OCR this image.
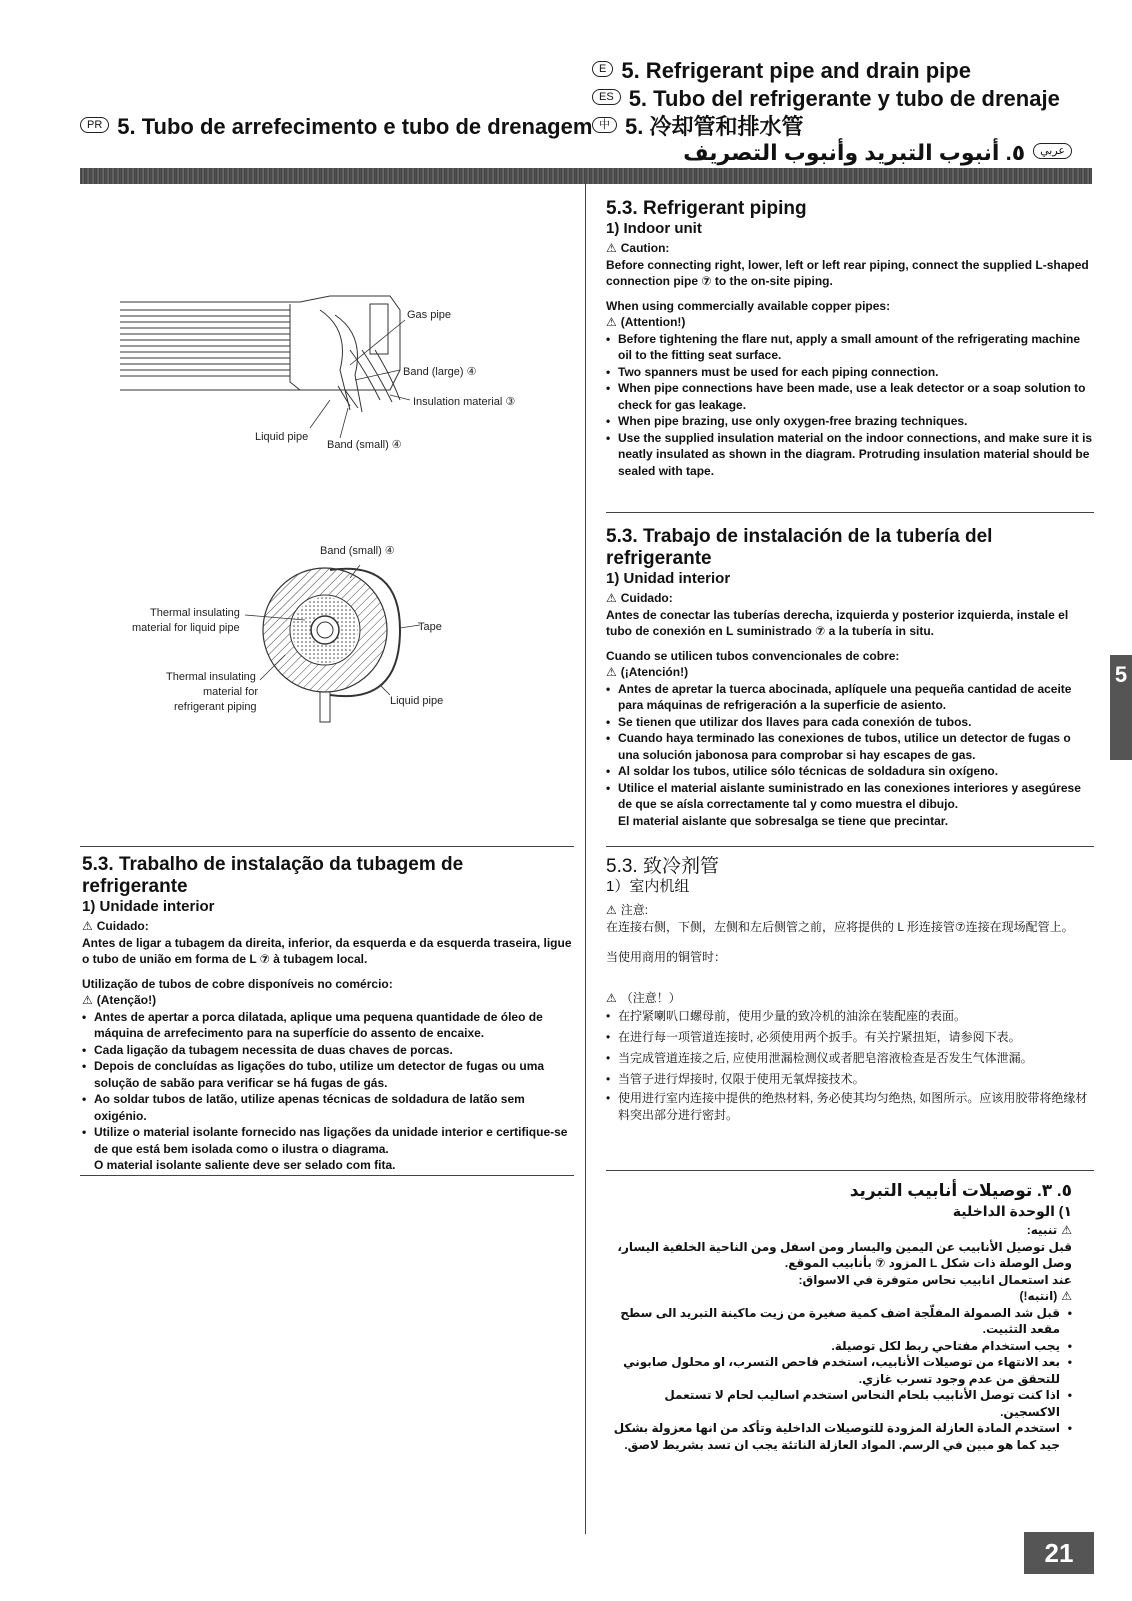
E 5. Refrigerant pipe and drain pipe
ES 5. Tubo del refrigerante y tubo de drenaje
中 5. 冷却管和排水管
عربي٥. أنبوب التبريد وأنبوب التصريف
PR 5. Tubo de arrefecimento e tubo de drenagem
Gas pipe
Band (large) ④
Insulation material ③
Liquid pipe
Band (small) ④
Band (small) ④
Thermal insulating
material for liquid pipe	Tape
Thermal insulating
material for
refrigerant piping	Liquid pipe
5.3. Refrigerant piping
1) Indoor unit
⚠ Caution:

Before connecting right, lower, left or left rear piping, connect the supplied L-shaped connection pipe ⑦ to the on-site piping.

When using commercially available copper pipes:

⚠ (Attention!)
• Before tightening the flare nut, apply a small amount of the refrigerating machine oil to the fitting seat surface.
• Two spanners must be used for each piping connection.
• When pipe connections have been made, use a leak detector or a soap solution to check for gas leakage.
• When pipe brazing, use only oxygen-free brazing techniques.
• Use the supplied insulation material on the indoor connections, and make sure it is neatly insulated as shown in the diagram. Protruding insulation material should be sealed with tape.
5.3. Trabajo de instalación de la tubería del refrigerante
1) Unidad interior
⚠ Cuidado:

Antes de conectar las tuberías derecha, izquierda y posterior izquierda, instale el tubo de conexión en L suministrado ⑦ a la tubería in situ.

Cuando se utilicen tubos convencionales de cobre:

⚠ (¡Atención!)
• Antes de apretar la tuerca abocinada, aplíquele una pequeña cantidad de aceite para máquinas de refrigeración a la superficie de asiento.
• Se tienen que utilizar dos llaves para cada conexión de tubos.
• Cuando haya terminado las conexiones de tubos, utilice un detector de fugas o una solución jabonosa para comprobar si hay escapes de gas.
• Al soldar los tubos, utilice sólo técnicas de soldadura sin oxígeno.
• Utilice el material aislante suministrado en las conexiones interiores y asegúrese de que se aísla correctamente tal y como muestra el dibujo.

El material aislante que sobresalga se tiene que precintar.

5.3. Trabalho de instalação da tubagem de refrigerante
1) Unidade interior
⚠ Cuidado:

Antes de ligar a tubagem da direita, inferior, da esquerda e da esquerda traseira, ligue o tubo de união em forma de L ⑦ à tubagem local.

Utilização de tubos de cobre disponíveis no comércio:

⚠ (Atenção!)
• Antes de apertar a porca dilatada, aplique uma pequena quantidade de óleo de máquina de arrefecimento para na superfície do assento de encaixe.
• Cada ligação da tubagem necessita de duas chaves de porcas.
• Depois de concluídas as ligações do tubo, utilize um detector de fugas ou uma solução de sabão para verificar se há fugas de gás.
• Ao soldar tubos de latão, utilize apenas técnicas de soldadura de latão sem oxigénio.
• Utilize o material isolante fornecido nas ligações da unidade interior e certifique-se de que está bem isolada como o ilustra o diagrama.

O material isolante saliente deve ser selado com fita.

5.3. 致冷剂管
1）室内机组
⚠ 注意:

在连接右侧，下侧，左侧和左后侧管之前，应将提供的 L 形连接管⑦连接在现场配管上。

当使用商用的铜管时：

⚠ （注意！）
• 在拧紧喇叭口螺母前，使用少量的致冷机的油涂在装配座的表面。
• 在进行每一项管道连接时, 必须使用两个扳手。有关拧紧扭矩，请参阅下表。
• 当完成管道连接之后, 应使用泄漏检测仪或者肥皂溶液检查是否发生气体泄漏。
• 当管子进行焊接时, 仅限于使用无氧焊接技术。
• 使用进行室内连接中提供的绝热材料, 务必使其均匀绝热, 如图所示。应该用胶带将绝缘材料突出部分进行密封。
٥. ٣. توصيلات أنابيب التبريد
١) الوحدة الداخلية
⚠تنبيه:

قبل توصيل الأنابيب عن اليمين واليسار ومن اسفل ومن الناحية الخلفية اليسار، وصل الوصلة ذات شكل L المزود ⑦ بأنابيب الموقع.

عند استعمال انابيب نحاس متوفرة في الاسواق:

⚠(انتبه!)
• قبل شد الصمولة المفلّجة اضف كمية صغيرة من زيت ماكينة التبريد الى سطح مقعد التثبيت.
• يجب استخدام مفتاحي ربط لكل توصيلة.
• بعد الانتهاء من توصيلات الأنابيب، استخدم فاحص التسرب، او محلول صابوني للتحقق من عدم وجود تسرب غازي.
• اذا كنت توصل الأنابيب بلحام النحاس استخدم اساليب لحام لا تستعمل الاكسجين.
• استخدم المادة العازلة المزودة للتوصيلات الداخلية وتأكد من انها معزولة بشكل جيد كما هو مبين في الرسم. المواد العازلة الناتئة يجب ان تسد بشريط لاصق.
5
21
